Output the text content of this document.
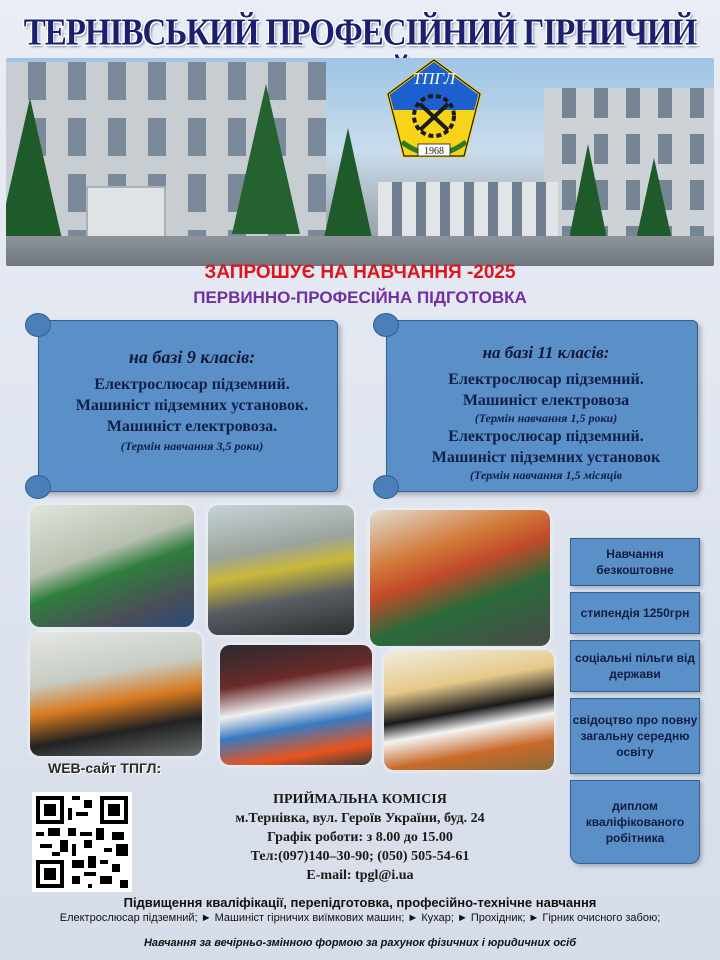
ТЕРНІВСЬКИЙ ПРОФЕСІЙНИЙ ГІРНИЧИЙ
ТПГЛ
1968
ЗАПРОШУЄ НА НАВЧАННЯ -2025
ПЕРВИННО-ПРОФЕСІЙНА ПІДГОТОВКА
на базі 9 класів:
Електрослюсар підземний. Машиніст підземних установок. Машиніст електровоза.
(Термін навчання 3,5 роки)
на базі 11 класів:
Електрослюсар підземний.
Машиніст електровоза
(Термін навчання 1,5 роки)
Електрослюсар підземний.
Машиніст підземних установок
(Термін навчання 1,5 місяців
Навчання безкоштовне
стипендія 1250грн
соціальні пільги від держави
свідоцтво про повну загальну середню освіту
диплом кваліфікованого робітника
WEB-сайт ТПГЛ:
ПРИЙМАЛЬНА КОМІСІЯ
м.Тернівка, вул. Героїв України, буд. 24
Графік роботи: з 8.00 до 15.00
Тел:(097)140–30-90; (050) 505-54-61
E-mail: tpgl@i.ua
Підвищення кваліфікації, перепідготовка, професійно-технічне навчання
Електрослюсар підземний; ► Машиніст гірничих виїмкових машин; ► Кухар; ► Прохідник; ► Гірник очисного забою;
Навчання за вечірньо-змінною формою за рахунок фізичних і юридичних осіб
